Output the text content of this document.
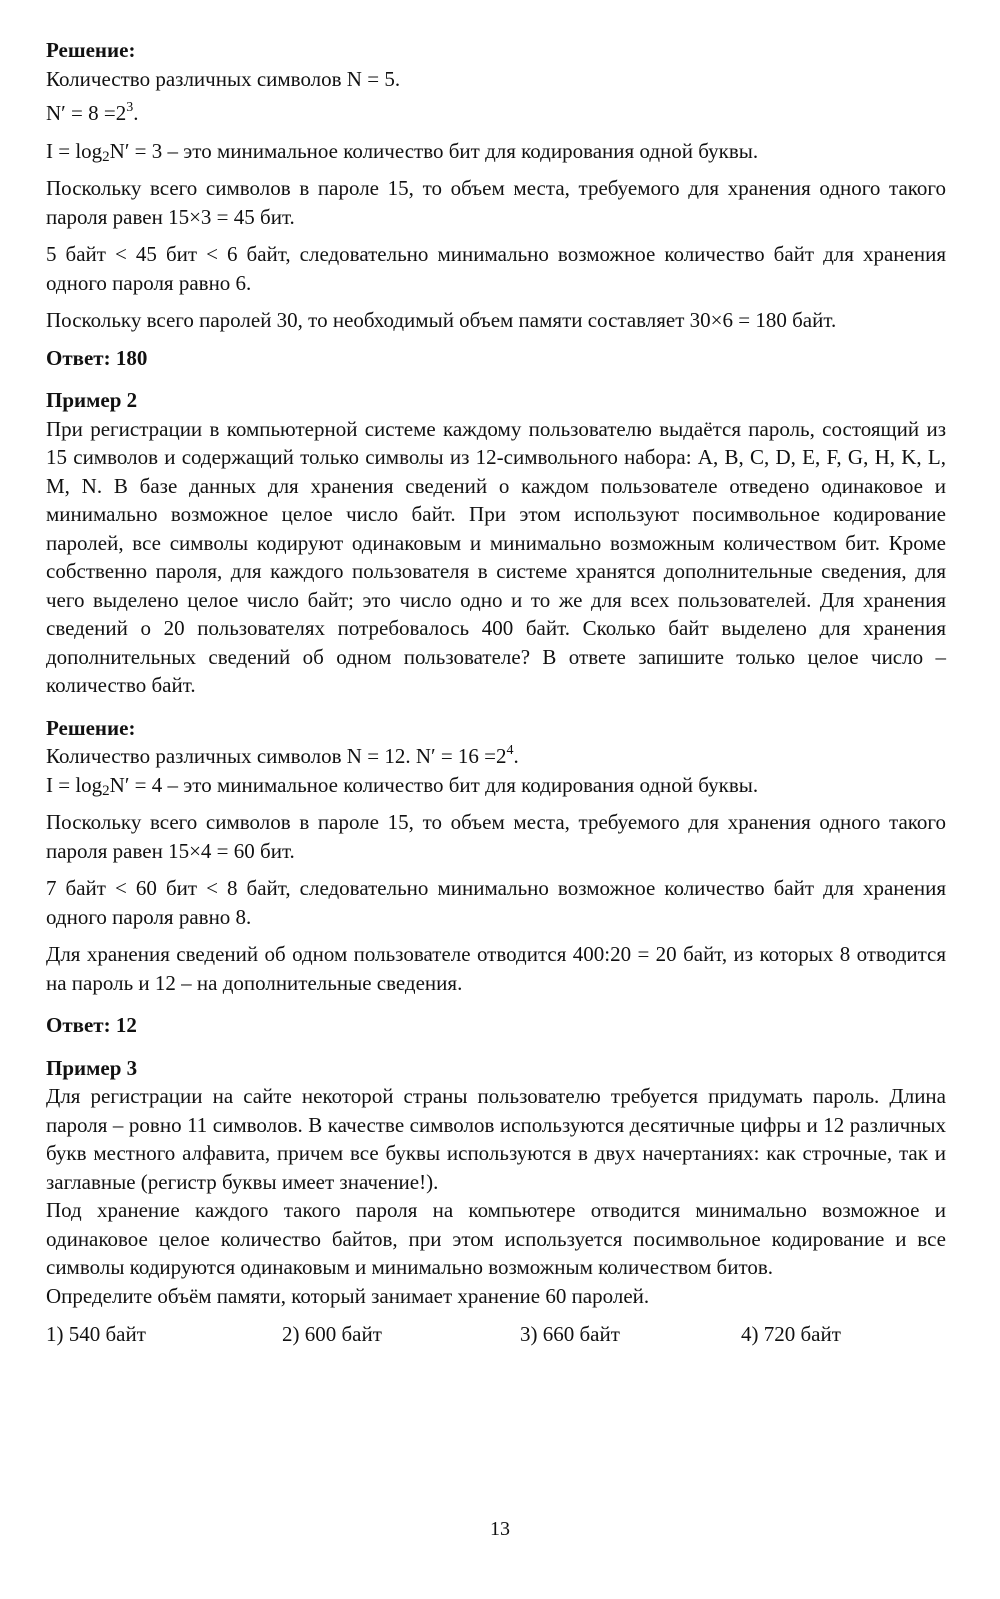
Решение:

Количество различных символов N = 5.

$N' = 8 =2^3$.

$I = \log_2N' = 3$ – это минимальное количество бит для кодирования одной буквы.

Поскольку всего символов в пароле 15, то объем места, требуемого для хранения одного такого пароля равен 15×3 = 45 бит.

5 байт < 45 бит < 6 байт, следовательно минимально возможное количество байт для хранения одного пароля равно 6.

Поскольку всего паролей 30, то необходимый объем памяти составляет 30×6 = 180 байт.

Ответ: 180

Пример 2

При регистрации в компьютерной системе каждому пользователю выдаётся пароль, состоящий из 15 символов и содержащий только символы из 12-символьного набора: A, B, C, D, E, F, G, H, K, L, M, N. В базе данных для хранения сведений о каждом пользователе отведено одинаковое и минимально возможное целое число байт. При этом используют посимвольное кодирование паролей, все символы кодируют одинаковым и минимально возможным количеством бит. Кроме собственно пароля, для каждого пользователя в системе хранятся дополнительные сведения, для чего выделено целое число байт; это число одно и то же для всех пользователей. Для хранения сведений о 20 пользователях потребовалось 400 байт. Сколько байт выделено для хранения дополнительных сведений об одном пользователе? В ответе запишите только целое число – количество байт.

Решение:

Количество различных символов N = 12. $N' = 16 =2^4$.

$I = \log_2N' = 4$ – это минимальное количество бит для кодирования одной буквы.

Поскольку всего символов в пароле 15, то объем места, требуемого для хранения одного такого пароля равен 15×4 = 60 бит.

7 байт < 60 бит < 8 байт, следовательно минимально возможное количество байт для хранения одного пароля равно 8.

Для хранения сведений об одном пользователе отводится 400:20 = 20 байт, из которых 8 отводится на пароль и 12 – на дополнительные сведения.

Ответ: 12

Пример 3

Для регистрации на сайте некоторой страны пользователю требуется придумать пароль. Длина пароля – ровно 11 символов. В качестве символов используются десятичные цифры и 12 различных букв местного алфавита, причем все буквы используются в двух начертаниях: как строчные, так и заглавные (регистр буквы имеет значение!).

Под хранение каждого такого пароля на компьютере отводится минимально возможное и одинаковое целое количество байтов, при этом используется посимвольное кодирование и все символы кодируются одинаковым и минимально возможным количеством битов.

Определите объём памяти, который занимает хранение 60 паролей.

1) 540 байт	2) 600 байт	3) 660 байт	4) 720 байт
13
